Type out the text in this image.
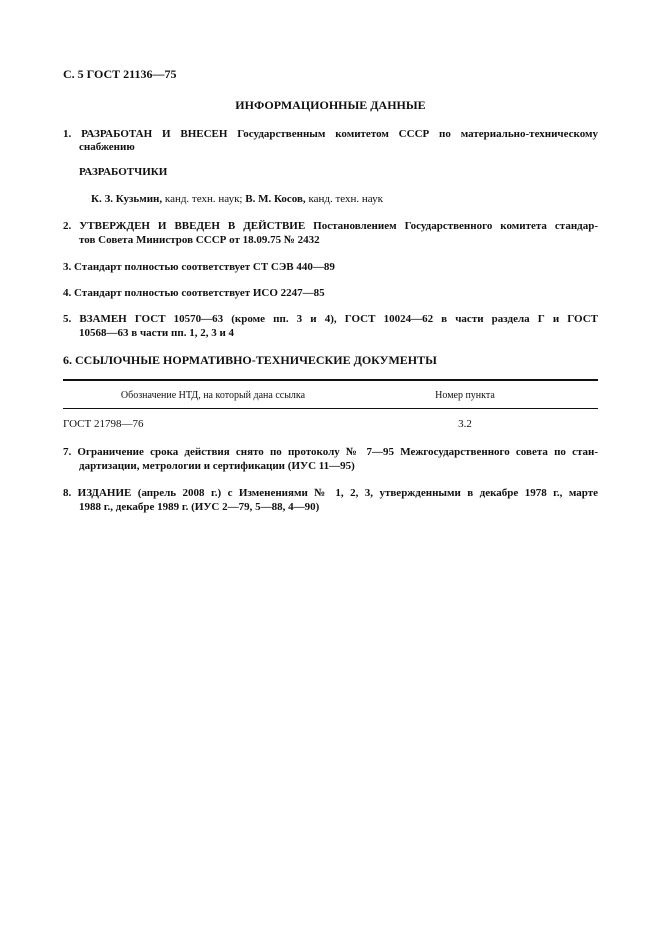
С. 5 ГОСТ 21136—75
ИНФОРМАЦИОННЫЕ ДАННЫЕ
1. РАЗРАБОТАН И ВНЕСЕН Государственным комитетом СССР по материально-техническому
снабжению
РАЗРАБОТЧИКИ
К. З. Кузьмин, канд. техн. наук; В. М. Косов, канд. техн. наук
2. УТВЕРЖДЕН И ВВЕДЕН В ДЕЙСТВИЕ Постановлением Государственного комитета стандар-
тов Совета Министров СССР от 18.09.75 № 2432
3. Стандарт полностью соответствует СТ СЭВ 440—89
4. Стандарт полностью соответствует ИСО 2247—85
5. ВЗАМЕН ГОСТ 10570—63 (кроме пп. 3 и 4), ГОСТ 10024—62 в части раздела Г и ГОСТ
10568—63 в части пп. 1, 2, 3 и 4
6. ССЫЛОЧНЫЕ НОРМАТИВНО-ТЕХНИЧЕСКИЕ ДОКУМЕНТЫ
Обозначение НТД, на который дана ссылка	Номер пункта
ГОСТ 21798—76	3.2
7. Ограничение срока действия снято по протоколу № 7—95 Межгосударственного совета по стан-
дартизации, метрологии и сертификации (ИУС 11—95)
8. ИЗДАНИЕ (апрель 2008 г.) с Изменениями № 1, 2, 3, утвержденными в декабре 1978 г., марте
1988 г., декабре 1989 г. (ИУС 2—79, 5—88, 4—90)
